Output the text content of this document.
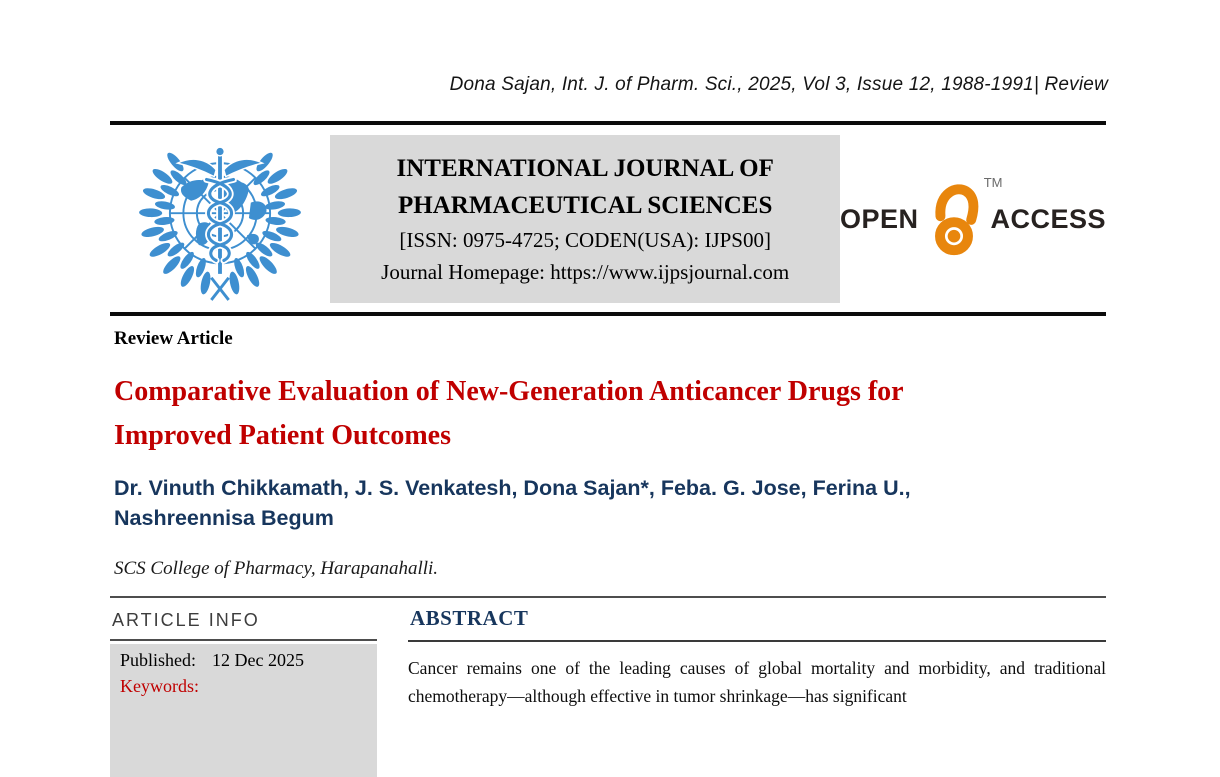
Dona Sajan, Int. J. of Pharm. Sci., 2025, Vol 3, Issue 12, 1988-1991| Review
INTERNATIONAL JOURNAL OF
PHARMACEUTICAL SCIENCES
[ISSN: 0975-4725; CODEN(USA): IJPS00]
Journal Homepage: https://www.ijpsjournal.com
OPEN
TM
ACCESS
Review Article
Comparative Evaluation of New-Generation Anticancer Drugs for
Improved Patient Outcomes
Dr. Vinuth Chikkamath, J. S. Venkatesh, Dona Sajan*, Feba. G. Jose, Ferina U.,
Nashreennisa Begum
SCS College of Pharmacy, Harapanahalli.
ARTICLE INFO
Published: 12 Dec 2025
Keywords:
ABSTRACT
Cancer remains one of the leading causes of global mortality and morbidity, and traditional chemotherapy—although effective in tumor shrinkage—has significant
